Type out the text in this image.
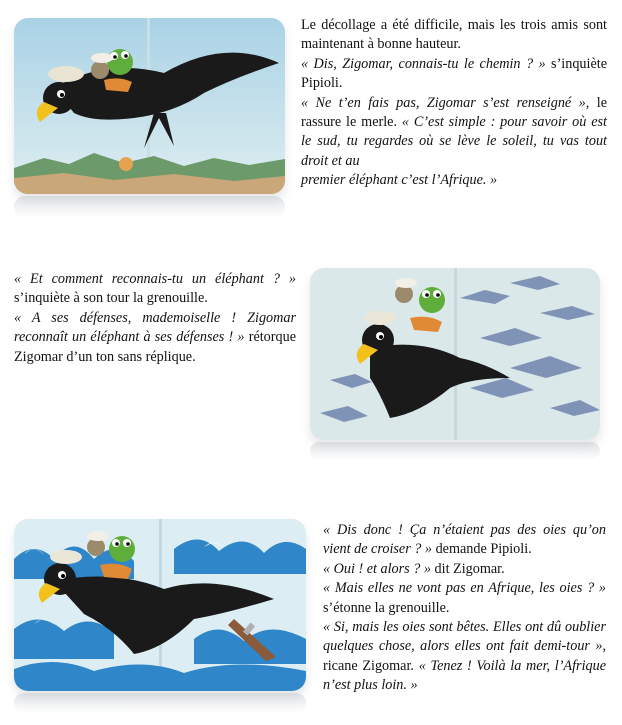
Le décollage a été difficile, mais les trois amis sont maintenant à bonne hauteur.

« Dis, Zigomar, connais-tu le chemin ? » s’inquiète Pipioli.

« Ne t’en fais pas, Zigomar s’est renseigné », le rassure le merle. « C’est simple : pour savoir où est le sud, tu regardes où se lève le soleil, tu vas tout droit et au

premier éléphant c’est l’Afrique. »

« Et comment reconnais-tu un éléphant ? » s’inquiète à son tour la grenouille.

« A ses défenses, mademoiselle ! Zigomar reconnaît un éléphant à ses défenses ! » rétorque Zigomar d’un ton sans réplique.

« Dis donc ! Ça n’étaient pas des oies qu’on vient de croiser ? » demande Pipioli.

« Oui ! et alors ? » dit Zigomar.

« Mais elles ne vont pas en Afrique, les oies ? » s’étonne la grenouille.

« Si, mais les oies sont bêtes. Elles ont dû oublier quelques chose, alors elles ont fait demi-tour », ricane Zigomar. « Tenez ! Voilà la mer, l’Afrique n’est plus loin. »
